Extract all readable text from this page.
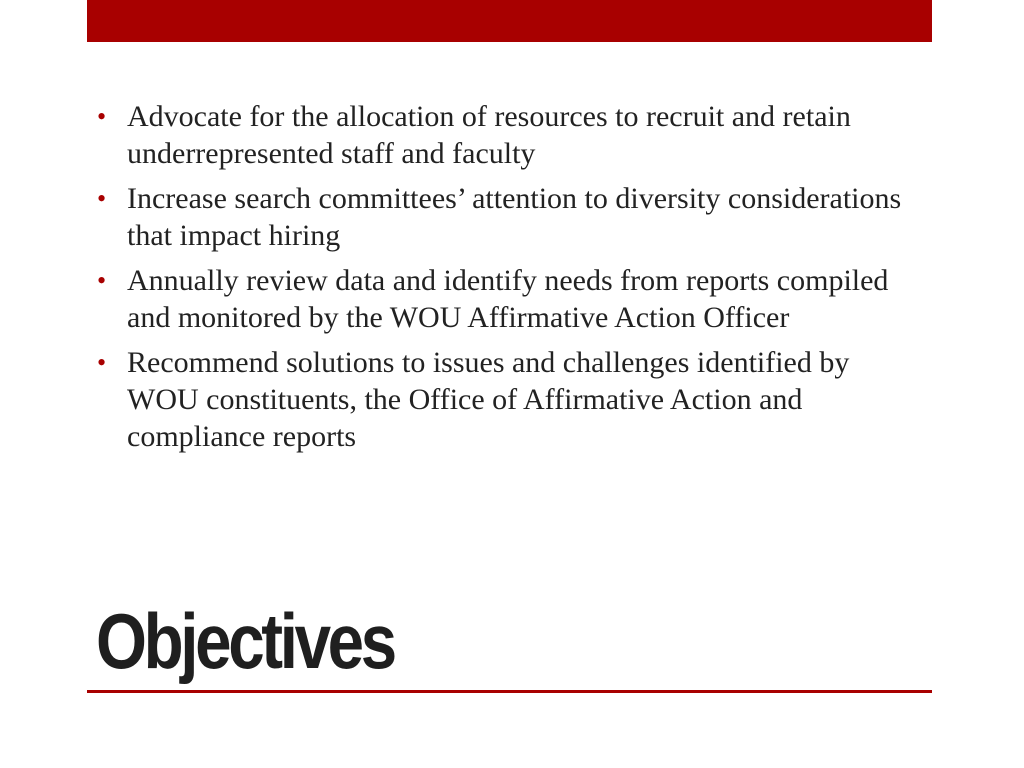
• Advocate for the allocation of resources to recruit and retain underrepresented staff and faculty
• Increase search committees’ attention to diversity considerations that impact hiring
• Annually review data and identify needs from reports compiled and monitored by the WOU Affirmative Action Officer
• Recommend solutions to issues and challenges identified by WOU constituents, the Office of Affirmative Action and compliance reports
Objectives
